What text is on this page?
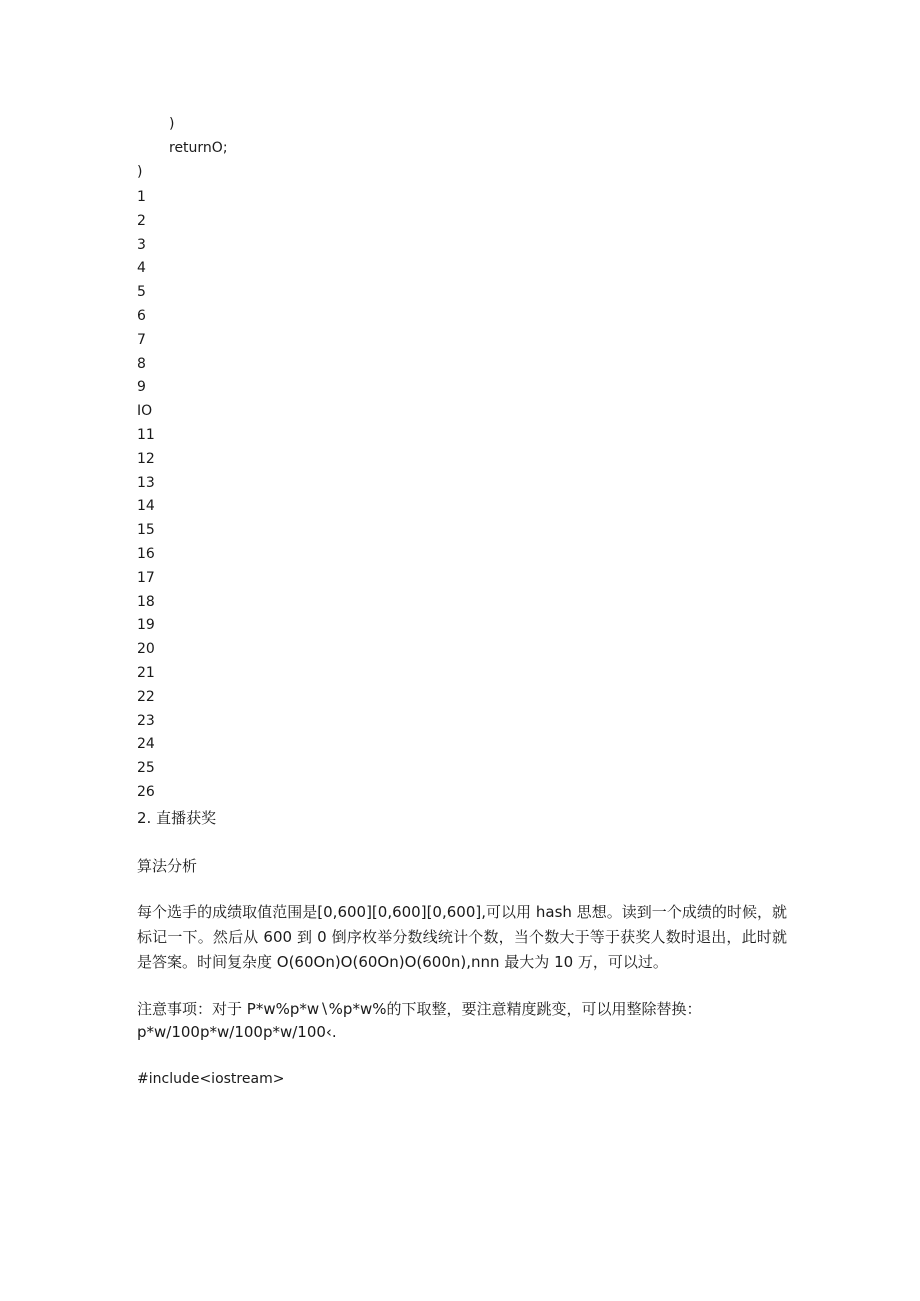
)
returnO;
)
1
2
3
4
5
6
7
8
9
IO
11
12
13
14
15
16
17
18
19
20
21
22
23
24
25
26
2. 直播获奖
算法分析

每个选手的成绩取值范围是[0,600][0,600][0,600],可以用 hash 思想。读到一个成绩的时候，就标记一下。然后从 600 到 0 倒序枚举分数线统计个数，当个数大于等于获奖人数时退出，此时就是答案。时间复杂度 O(60On)O(60On)O(600n),nnn 最大为 10 万，可以过。

注意事项：对于 P*w%p*w∖%p*w%的下取整，要注意精度跳变，可以用整除替换：

p*w/100p*w/100p*w/100‹.

#include<iostream>
